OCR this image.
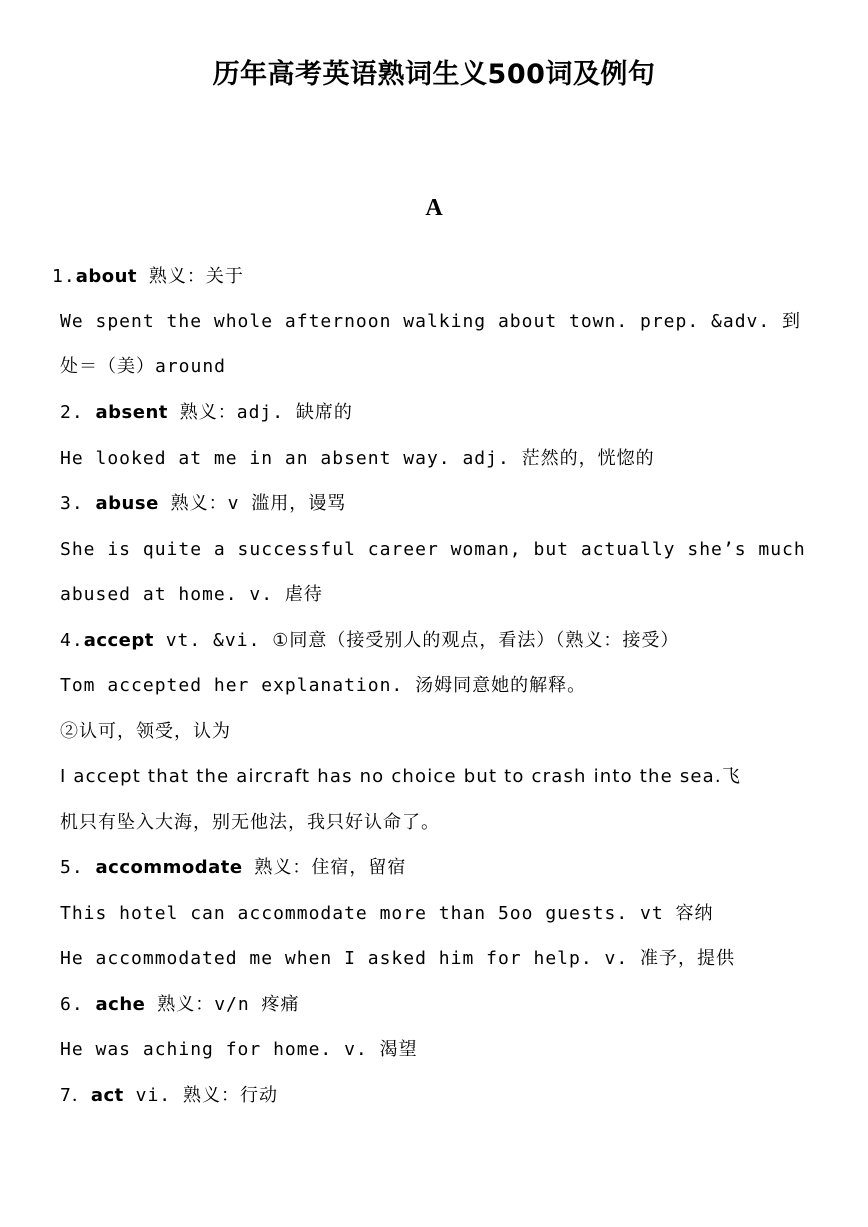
历年高考英语熟词生义500词及例句
A
1.about 熟义：关于
We spent the whole afternoon walking about town. prep. &adv. 到
处＝（美）around
2. absent 熟义：adj. 缺席的
He looked at me in an absent way. adj. 茫然的，恍惚的
3. abuse 熟义：v 滥用，谩骂
She is quite a successful career woman, but actually she’s much
abused at home. v. 虐待
4.accept vt. &vi. ①同意（接受别人的观点，看法）（熟义：接受）
Tom accepted her explanation. 汤姆同意她的解释。
②认可，领受，认为
I accept that the aircraft has no choice but to crash into the sea.飞
机只有坠入大海，别无他法，我只好认命了。
5. accommodate 熟义：住宿，留宿
This hotel can accommodate more than 5oo guests. vt 容纳
He accommodated me when I asked him for help. v. 准予，提供
6. ache 熟义：v/n 疼痛
He was aching for home. v. 渴望
7．act vi. 熟义：行动
